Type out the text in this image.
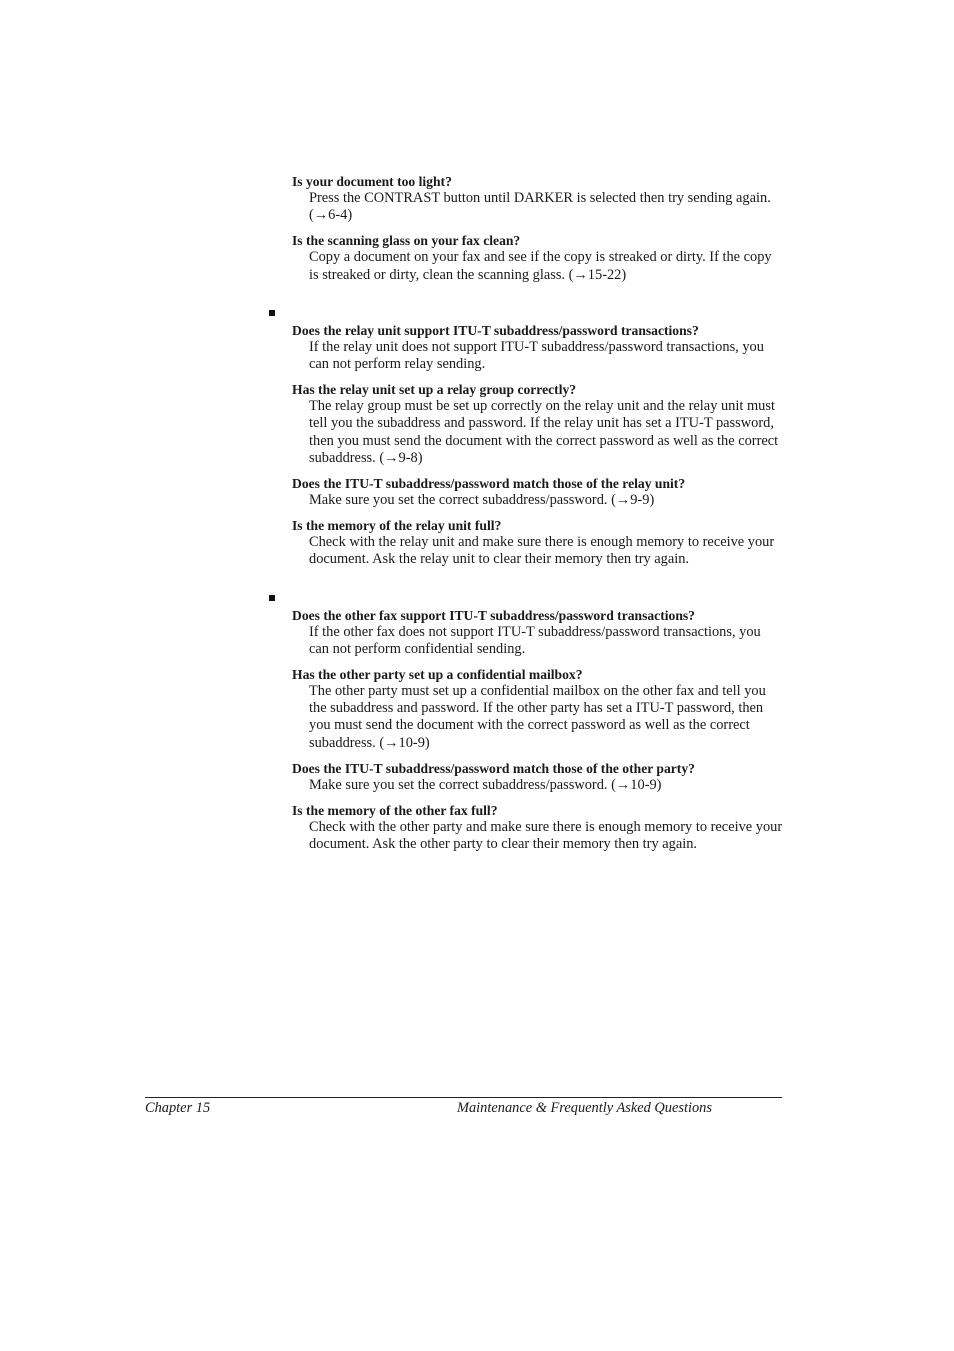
Is your document too light?

Press the CONTRAST button until DARKER is selected then try sending again. (→6-4)

Is the scanning glass on your fax clean?

Copy a document on your fax and see if the copy is streaked or dirty. If the copy is streaked or dirty, clean the scanning glass. (→15-22)

Does the relay unit support ITU-T subaddress/password transactions?

If the relay unit does not support ITU-T subaddress/password transactions, you can not perform relay sending.

Has the relay unit set up a relay group correctly?

The relay group must be set up correctly on the relay unit and the relay unit must tell you the subaddress and password. If the relay unit has set a ITU-T password, then you must send the document with the correct password as well as the correct subaddress. (→9-8)

Does the ITU-T subaddress/password match those of the relay unit?

Make sure you set the correct subaddress/password. (→9-9)

Is the memory of the relay unit full?

Check with the relay unit and make sure there is enough memory to receive your document. Ask the relay unit to clear their memory then try again.

Does the other fax support ITU-T subaddress/password transactions?

If the other fax does not support ITU-T subaddress/password transactions, you can not perform confidential sending.

Has the other party set up a confidential mailbox?

The other party must set up a confidential mailbox on the other fax and tell you the subaddress and password. If the other party has set a ITU-T password, then you must send the document with the correct password as well as the correct subaddress. (→10-9)

Does the ITU-T subaddress/password match those of the other party?

Make sure you set the correct subaddress/password. (→10-9)

Is the memory of the other fax full?

Check with the other party and make sure there is enough memory to receive your document. Ask the other party to clear their memory then try again.

Chapter 15	Maintenance & Frequently Asked Questions
